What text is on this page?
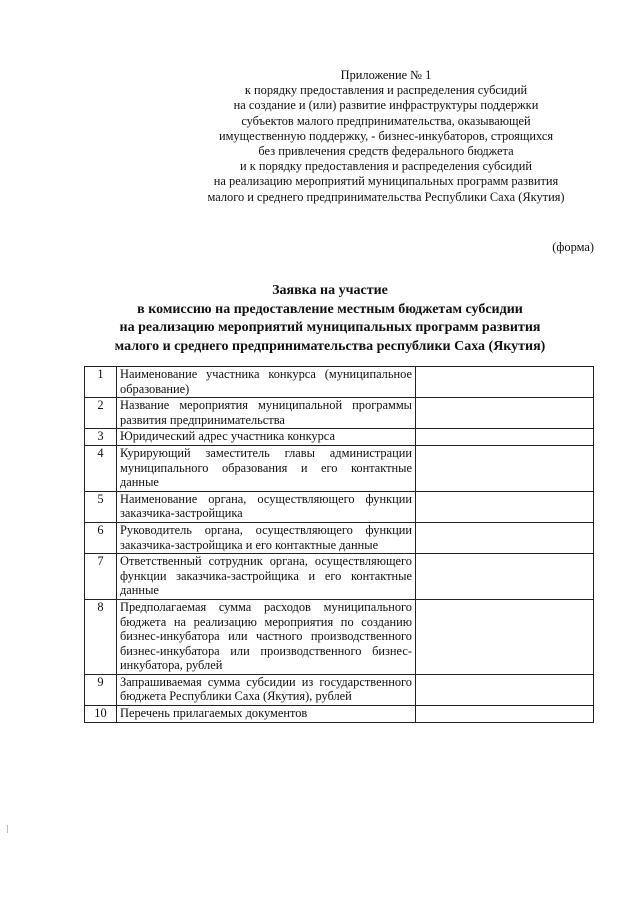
Приложение № 1
к порядку предоставления и распределения субсидий
на создание и (или) развитие инфраструктуры поддержки
субъектов малого предпринимательства, оказывающей
имущественную поддержку, - бизнес-инкубаторов, строящихся
без привлечения средств федерального бюджета
и к порядку предоставления и распределения субсидий
на реализацию мероприятий муниципальных программ развития
малого и среднего предпринимательства Республики Саха (Якутия)
(форма)
Заявка на участие
в комиссию на предоставление местным бюджетам субсидии
на реализацию мероприятий муниципальных программ развития
малого и среднего предпринимательства республики Саха (Якутия)
1	Наименование участника конкурса (муниципальное образование)	
2	Название мероприятия муниципальной программы развития предпринимательства	
3	Юридический адрес участника конкурса	
4	Курирующий заместитель главы администрации муниципального образования и его контактные данные	
5	Наименование органа, осуществляющего функции заказчика-застройщика	
6	Руководитель органа, осуществляющего функции заказчика-застройщика и его контактные данные	
7	Ответственный сотрудник органа, осуществляющего функции заказчика-застройщика и его контактные данные	
8	Предполагаемая сумма расходов муниципального бюджета на реализацию мероприятия по созданию бизнес-инкубатора или частного производственного бизнес-инкубатора или производственного бизнес-инкубатора, рублей	
9	Запрашиваемая сумма субсидии из государственного бюджета Республики Саха (Якутия), рублей	
10	Перечень прилагаемых документов	
